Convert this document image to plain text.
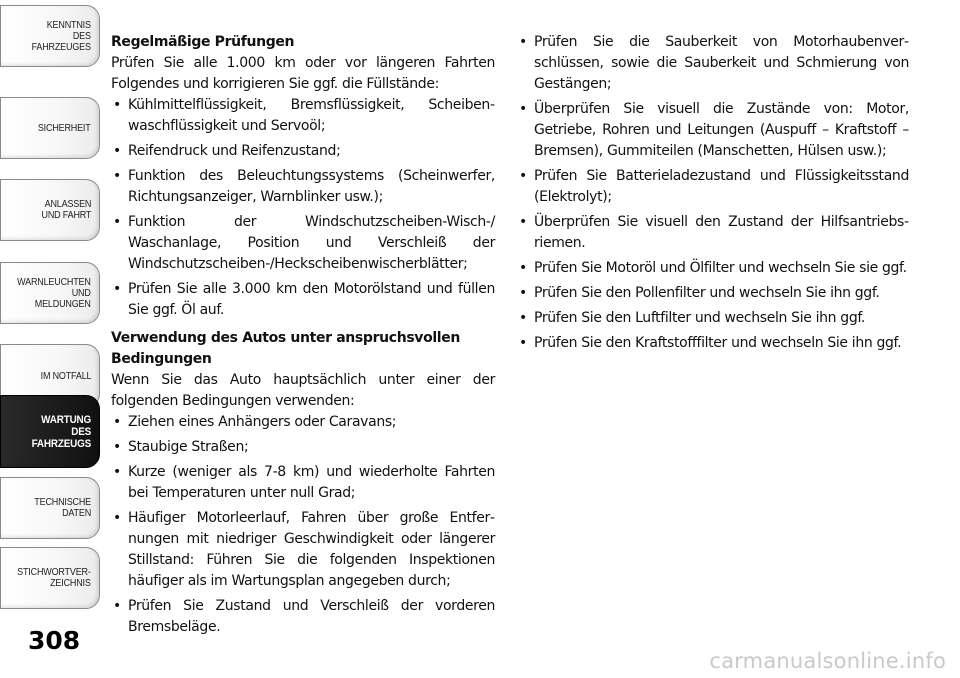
KENNTNIS
DES
FAHRZEUGES
SICHERHEIT
ANLASSEN
UND FAHRT
WARNLEUCHTEN
UND
MELDUNGEN
IM NOTFALL
WARTUNG
DES
FAHRZEUGS
TECHNISCHE
DATEN
STICHWORTVER-
ZEICHNIS
308

Regelmäßige Prüfungen

Prüfen Sie alle 1.000 km oder vor längeren Fahrten Folgendes und korrigieren Sie ggf. die Füllstände:

• Kühlmittelflüssigkeit, Bremsflüssigkeit, Scheibenwaschflüssigkeit und Servoöl;
• Reifendruck und Reifenzustand;
• Funktion des Beleuchtungssystems (Scheinwerfer, Richtungsanzeiger, Warnblinker usw.);
• Funktion der Windschutzscheiben-Wisch-/ Waschanlage, Position und Verschleiß der Windschutzscheiben-/Heckscheibenwischerblätter;
• Prüfen Sie alle 3.000 km den Motorölstand und füllen Sie ggf. Öl auf.

Verwendung des Autos unter anspruchsvollen Bedingungen

Wenn Sie das Auto hauptsächlich unter einer der folgenden Bedingungen verwenden:

• Ziehen eines Anhängers oder Caravans;
• Staubige Straßen;
• Kurze (weniger als 7-8 km) und wiederholte Fahrten bei Temperaturen unter null Grad;
• Häufiger Motorleerlauf, Fahren über große Entfernungen mit niedriger Geschwindigkeit oder längerer Stillstand: Führen Sie die folgenden Inspektionen häufiger als im Wartungsplan angegeben durch;
• Prüfen Sie Zustand und Verschleiß der vorderen Bremsbeläge.
• Prüfen Sie die Sauberkeit von Motorhaubenverschlüssen, sowie die Sauberkeit und Schmierung von Gestängen;
• Überprüfen Sie visuell die Zustände von: Motor, Getriebe, Rohren und Leitungen (Auspuff – Kraftstoff – Bremsen), Gummiteilen (Manschetten, Hülsen usw.);
• Prüfen Sie Batterieladezustand und Flüssigkeitsstand (Elektrolyt);
• Überprüfen Sie visuell den Zustand der Hilfsantriebsriemen.
• Prüfen Sie Motoröl und Ölfilter und wechseln Sie sie ggf.
• Prüfen Sie den Pollenfilter und wechseln Sie ihn ggf.
• Prüfen Sie den Luftfilter und wechseln Sie ihn ggf.
• Prüfen Sie den Kraftstofffilter und wechseln Sie ihn ggf.
carmanualsonline.info
